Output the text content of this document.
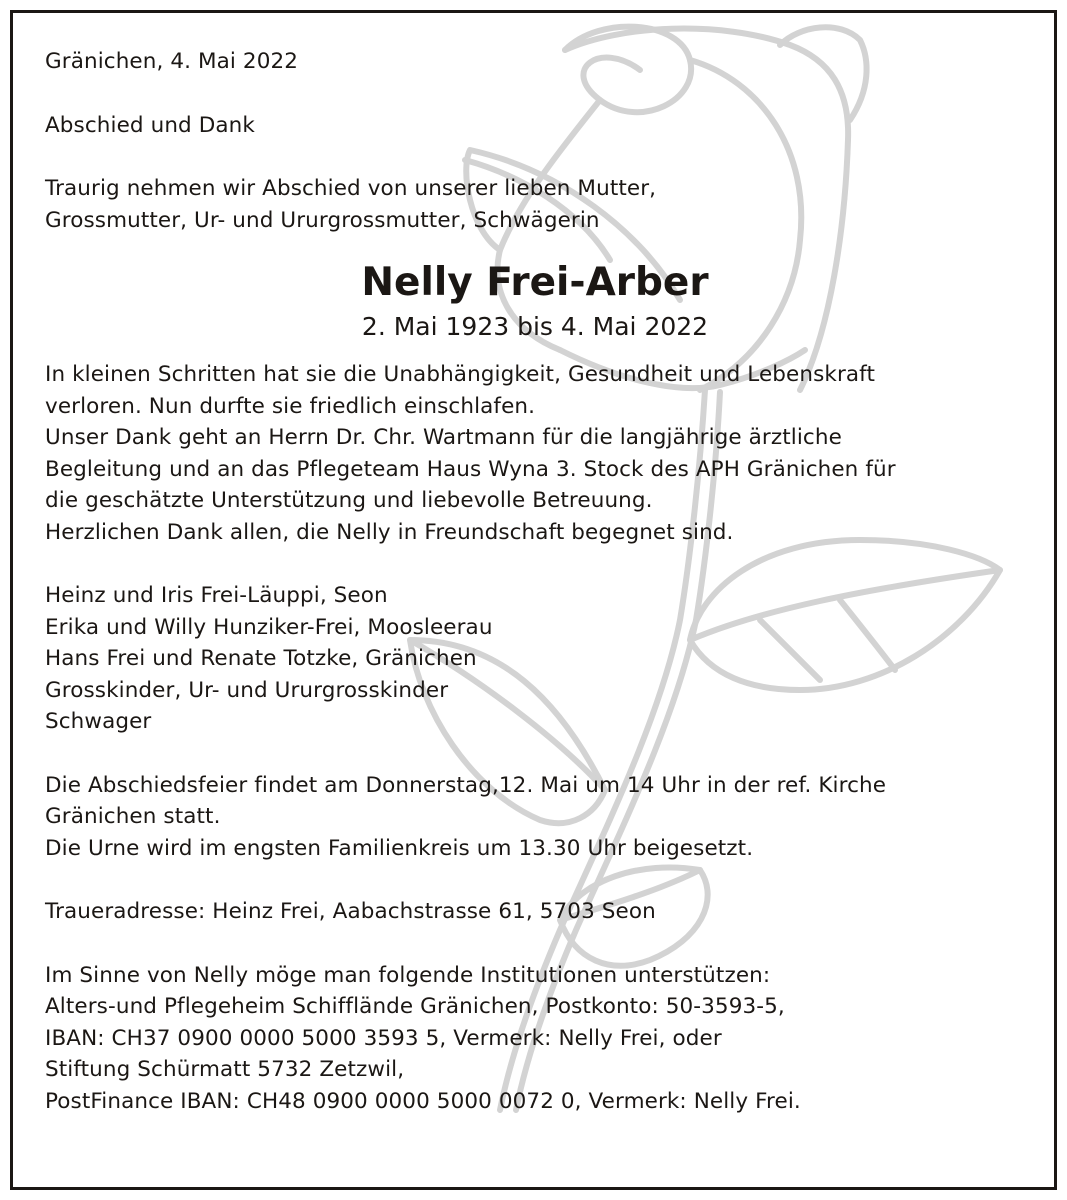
Gränichen, 4. Mai 2022
Abschied und Dank
Traurig nehmen wir Abschied von unserer lieben Mutter,
Grossmutter, Ur- und Ururgrossmutter, Schwägerin
Nelly Frei-Arber
2. Mai 1923 bis 4. Mai 2022
In kleinen Schritten hat sie die Unabhängigkeit, Gesundheit und Lebenskraft
verloren. Nun durfte sie friedlich einschlafen.
Unser Dank geht an Herrn Dr. Chr. Wartmann für die langjährige ärztliche
Begleitung und an das Pflegeteam Haus Wyna 3. Stock des APH Gränichen für
die geschätzte Unterstützung und liebevolle Betreuung.
Herzlichen Dank allen, die Nelly in Freundschaft begegnet sind.
Heinz und Iris Frei-Läuppi, Seon
Erika und Willy Hunziker-Frei, Moosleerau
Hans Frei und Renate Totzke, Gränichen
Grosskinder, Ur- und Ururgrosskinder
Schwager
Die Abschiedsfeier findet am Donnerstag,12. Mai um 14 Uhr in der ref. Kirche
Gränichen statt.
Die Urne wird im engsten Familienkreis um 13.30 Uhr beigesetzt.
Traueradresse: Heinz Frei, Aabachstrasse 61, 5703 Seon
Im Sinne von Nelly möge man folgende Institutionen unterstützen:
Alters-und Pflegeheim Schiffländе Gränichen, Postkonto: 50-3593-5,
IBAN: CH37 0900 0000 5000 3593 5, Vermerk: Nelly Frei, oder
Stiftung Schürmatt 5732 Zetzwil,
PostFinance IBAN: CH48 0900 0000 5000 0072 0, Vermerk: Nelly Frei.
